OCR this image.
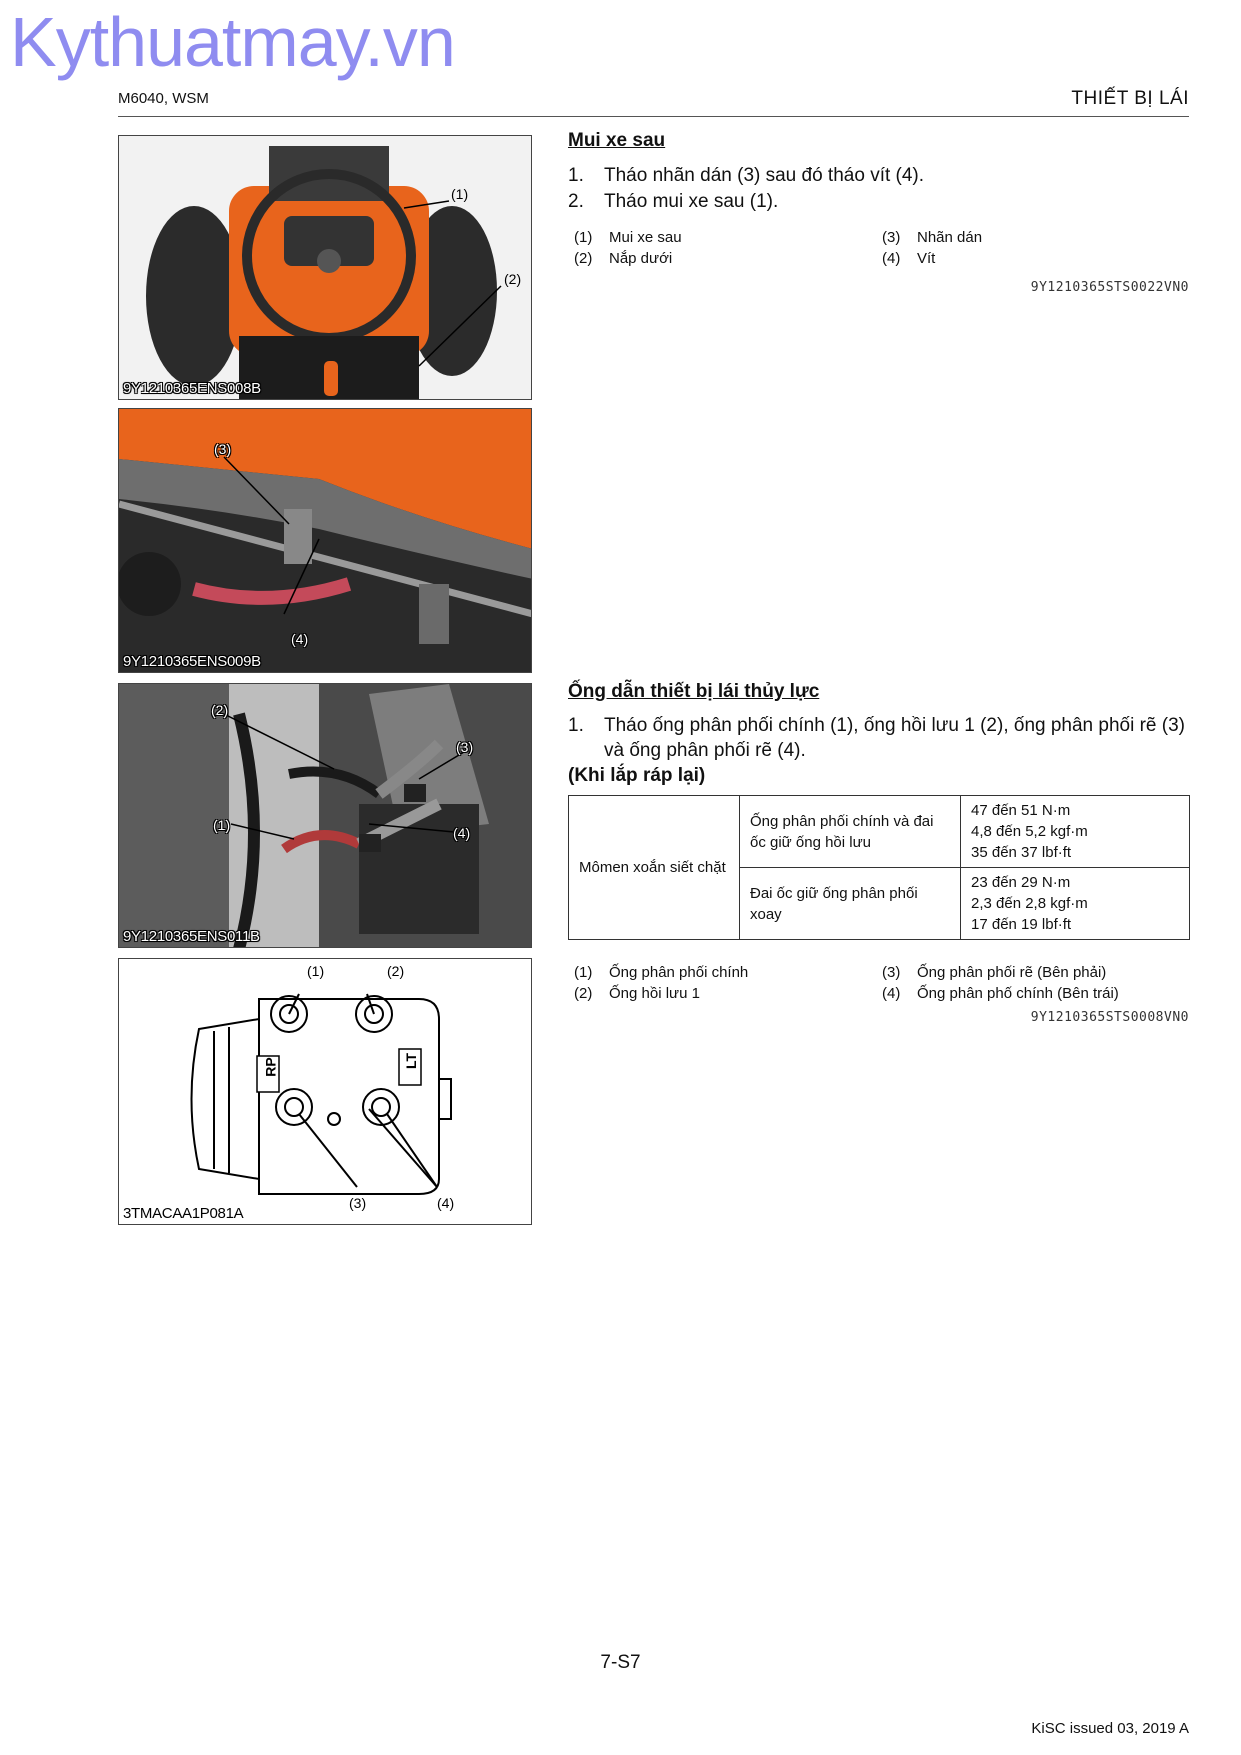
Kythuatmay.vn
M6040, WSM	THIẾT BỊ LÁI
(1)
(2)
9Y1210365ENS008B
(3)
(4)
9Y1210365ENS009B
(2)
(3)
(1)	(4)
9Y1210365ENS011B
RP	LT
(1)	(2)
(3)	(4)
3TMACAA1P081A
Mui xe sau
1. Tháo nhãn dán (3) sau đó tháo vít (4).
2. Tháo mui xe sau (1).
(1) Mui xe sau	(3) Nhãn dán
(2) Nắp dưới	(4) Vít
9Y1210365STS0022VN0
Ống dẫn thiết bị lái thủy lực
1. Tháo ống phân phối chính (1), ống hồi lưu 1 (2), ống phân phối rẽ (3) và ống phân phối rẽ (4).
(Khi lắp ráp lại)
Mômen xoắn siết chặt	Ống phân phối chính và đai ốc giữ ống hồi lưu	47 đến 51 N·m
4,8 đến 5,2 kgf·m
35 đến 37 lbf·ft

	Đai ốc giữ ống phân phối xoay	23 đến 29 N·m
2,3 đến 2,8 kgf·m
17 đến 19 lbf·ft
(1) Ống phân phối chính	(3) Ống phân phối rẽ (Bên phải)
(2) Ống hồi lưu 1	(4) Ống phân phố chính (Bên trái)
9Y1210365STS0008VN0
7-S7
KiSC issued 03, 2019 A
